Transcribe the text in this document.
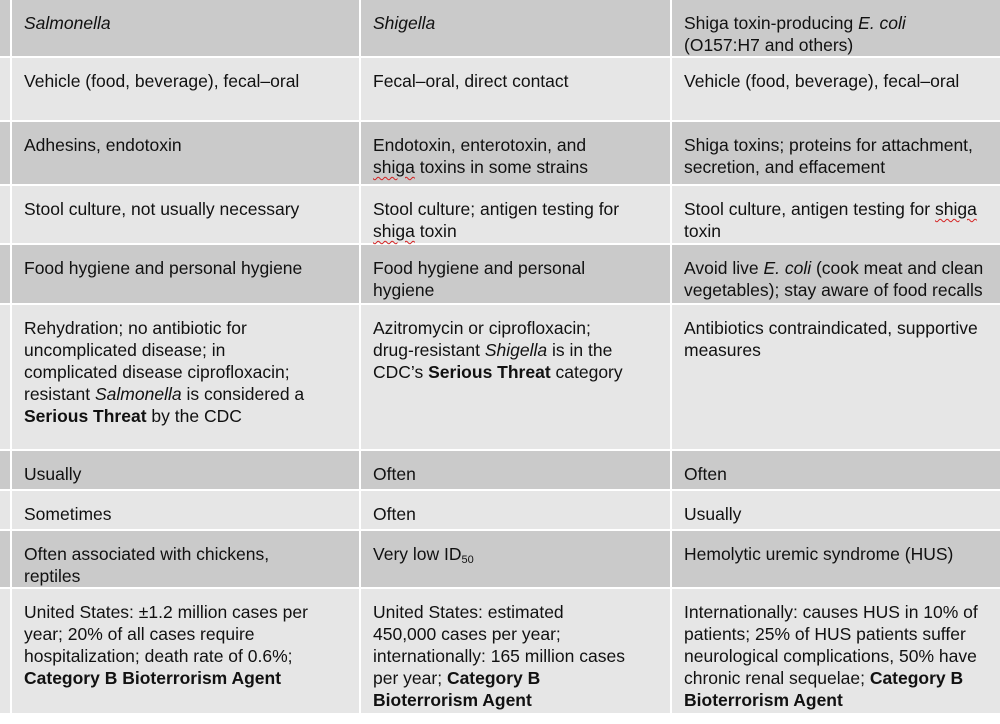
	Salmonella	Shigella	Shiga toxin-producing E. coli
(O157:H7 and others)
	Vehicle (food, beverage), fecal–oral	Fecal–oral, direct contact	Vehicle (food, beverage), fecal–oral
	Adhesins, endotoxin	Endotoxin, enterotoxin, and
shiga toxins in some strains	Shiga toxins; proteins for attachment,
secretion, and effacement
	Stool culture, not usually necessary	Stool culture; antigen testing for
shiga toxin	Stool culture, antigen testing for shiga
toxin
	Food hygiene and personal hygiene	Food hygiene and personal
hygiene	Avoid live E. coli (cook meat and clean
vegetables); stay aware of food recalls
	Rehydration; no antibiotic for
uncomplicated disease; in
complicated disease ciprofloxacin;
resistant Salmonella is considered a
Serious Threat by the CDC	Azitromycin or ciprofloxacin;
drug-resistant Shigella is in the
CDC’s Serious Threat category	Antibiotics contraindicated, supportive
measures
	Usually	Often	Often
	Sometimes	Often	Usually
	Often associated with chickens,
reptiles	Very low $ID_{50}$	Hemolytic uremic syndrome (HUS)
	United States: ±1.2 million cases per
year; 20% of all cases require
hospitalization; death rate of 0.6%;
Category B Bioterrorism Agent	United States: estimated
450,000 cases per year;
internationally: 165 million cases
per year; Category B
Bioterrorism Agent	Internationally: causes HUS in 10% of
patients; 25% of HUS patients suffer
neurological complications, 50% have
chronic renal sequelae; Category B
Bioterrorism Agent
